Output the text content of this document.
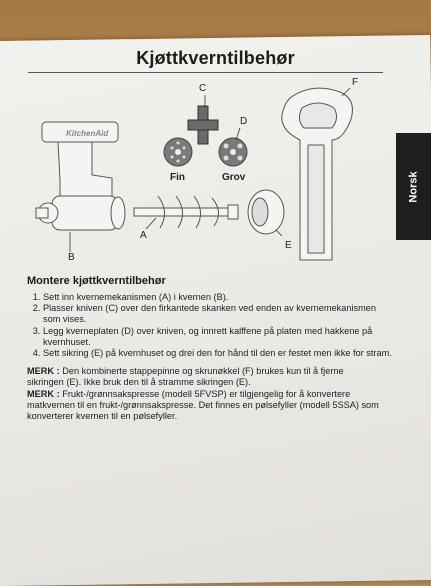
Kjøttkverntilbehør
Norsk
KitchenAid
C
D
F
B
A
E
Fin	Grov
Montere kjøttkverntilbehør
1. Sett inn kvernemekanismen (A) i kvernen (B).
2. Plasser kniven (C) over den firkantede skanken ved enden av kvernemekanismen som vises.
3. Legg kverneplaten (D) over kniven, og innrett kalffene på platen med hakkene på kvernhuset.
4. Sett sikring (E) på kvernhuset og drei den for hånd til den er festet men ikke for stram.
MERK : Den kombinerte stappepinne og skrunøkkel (F) brukes kun til å fjerne sikringen (E). Ikke bruk den til å stramme sikringen (E).
MERK : Frukt-/grønnsakspresse (modell 5FVSP) er tilgjengelig for å konvertere matkvernen til en frukt-/grønnsakspresse. Det finnes en pølsefyller (modell 5SSA) som konverterer kvernen til en pølsefyller.
